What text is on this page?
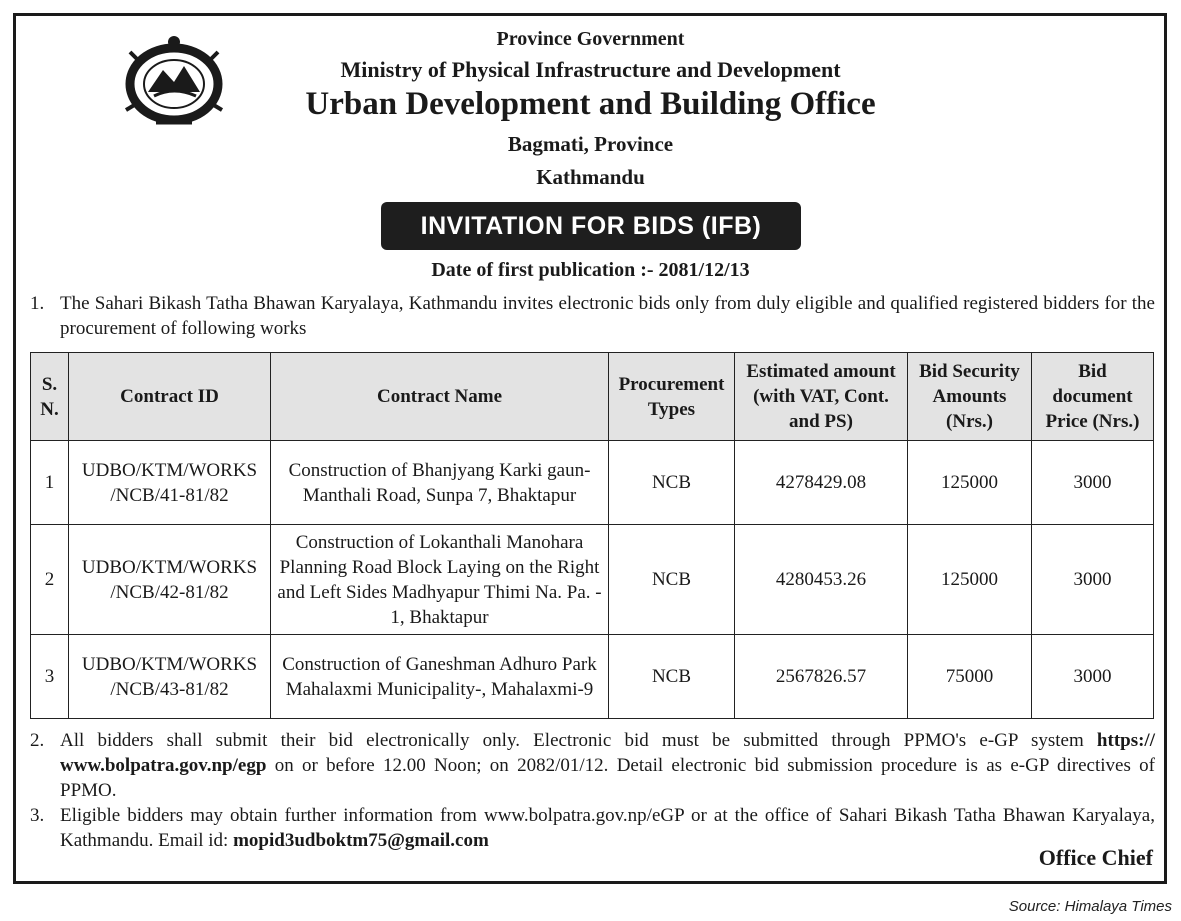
Province Government
Ministry of Physical Infrastructure and Development
Urban Development and Building Office
Bagmati, Province
Kathmandu
INVITATION FOR BIDS (IFB)
Date of first publication :- 2081/12/13
1. The Sahari Bikash Tatha Bhawan Karyalaya, Kathmandu invites electronic bids only from duly eligible and qualified registered bidders for the procurement of following works
S. N.	Contract ID	Contract Name	Procurement Types	Estimated amount (with VAT, Cont. and PS)	Bid Security Amounts (Nrs.)	Bid document Price (Nrs.)
1	UDBO/KTM/WORKS /NCB/41-81/82	Construction of Bhanjyang Karki gaun- Manthali Road, Sunpa 7, Bhaktapur	NCB	4278429.08	125000	3000
2	UDBO/KTM/WORKS /NCB/42-81/82	Construction of Lokanthali Manohara Planning Road Block Laying on the Right and Left Sides Madhyapur Thimi Na. Pa. - 1, Bhaktapur	NCB	4280453.26	125000	3000
3	UDBO/KTM/WORKS /NCB/43-81/82	Construction of Ganeshman Adhuro Park Mahalaxmi Municipality-, Mahalaxmi-9	NCB	2567826.57	75000	3000
2. All bidders shall submit their bid electronically only. Electronic bid must be submitted through PPMO's e-GP system https:// www.bolpatra.gov.np/egp on or before 12.00 Noon; on 2082/01/12. Detail electronic bid submission procedure is as e-GP directives of PPMO.
3. Eligible bidders may obtain further information from www.bolpatra.gov.np/eGP or at the office of Sahari Bikash Tatha Bhawan Karyalaya, Kathmandu. Email id: mopid3udboktm75@gmail.com
Office Chief
Source: Himalaya Times
